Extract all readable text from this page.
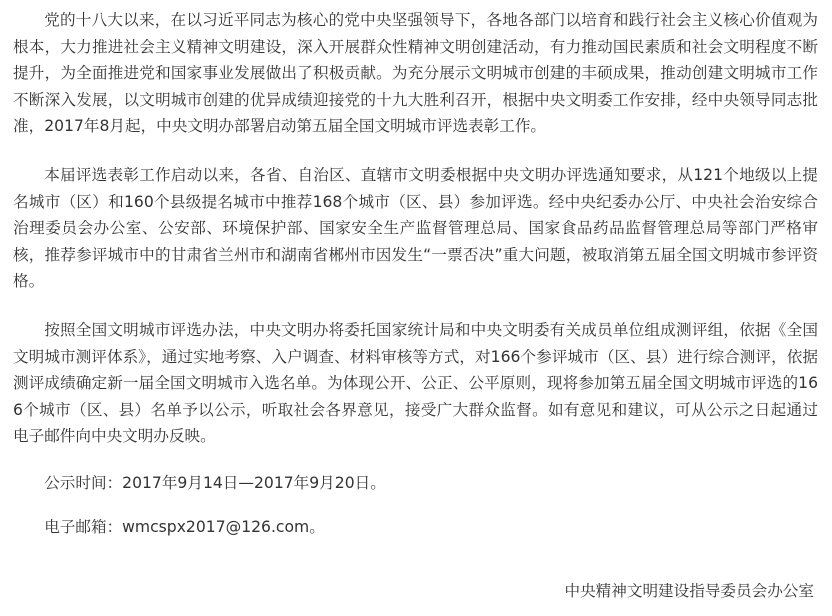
党的十八大以来，在以习近平同志为核心的党中央坚强领导下，各地各部门以培育和践行社会主义核心价值观为根本，大力推进社会主义精神文明建设，深入开展群众性精神文明创建活动，有力推动国民素质和社会文明程度不断提升，为全面推进党和国家事业发展做出了积极贡献。为充分展示文明城市创建的丰硕成果，推动创建文明城市工作不断深入发展，以文明城市创建的优异成绩迎接党的十九大胜利召开，根据中央文明委工作安排，经中央领导同志批准，2017年8月起，中央文明办部署启动第五届全国文明城市评选表彰工作。

本届评选表彰工作启动以来，各省、自治区、直辖市文明委根据中央文明办评选通知要求，从121个地级以上提名城市（区）和160个县级提名城市中推荐168个城市（区、县）参加评选。经中央纪委办公厅、中央社会治安综合治理委员会办公室、公安部、环境保护部、国家安全生产监督管理总局、国家食品药品监督管理总局等部门严格审核，推荐参评城市中的甘肃省兰州市和湖南省郴州市因发生“一票否决”重大问题，被取消第五届全国文明城市参评资格。

按照全国文明城市评选办法，中央文明办将委托国家统计局和中央文明委有关成员单位组成测评组，依据《全国文明城市测评体系》，通过实地考察、入户调查、材料审核等方式，对166个参评城市（区、县）进行综合测评，依据测评成绩确定新一届全国文明城市入选名单。为体现公开、公正、公平原则，现将参加第五届全国文明城市评选的166个城市（区、县）名单予以公示，听取社会各界意见，接受广大群众监督。如有意见和建议，可从公示之日起通过电子邮件向中央文明办反映。

公示时间：2017年9月14日—2017年9月20日。

电子邮箱：wmcspx2017@126.com。

中央精神文明建设指导委员会办公室
